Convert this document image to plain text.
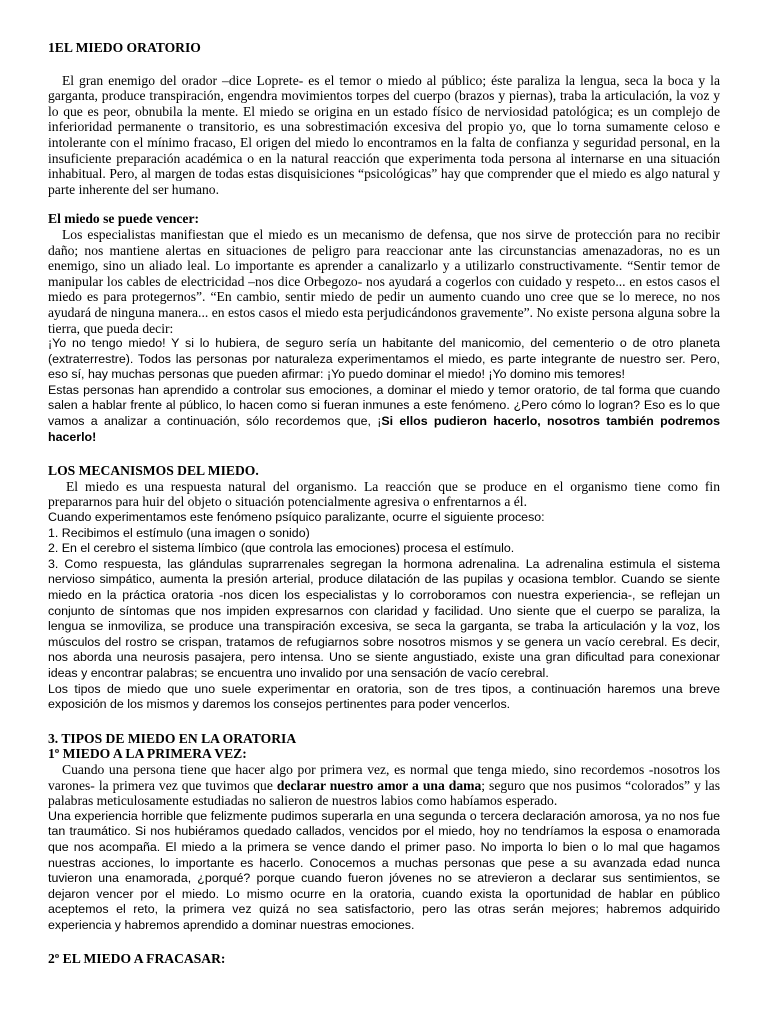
1EL MIEDO ORATORIO

El gran enemigo del orador –dice Loprete- es el temor o miedo al público; éste paraliza la lengua, seca la boca y la garganta, produce transpiración, engendra movimientos torpes del cuerpo (brazos y piernas), traba la articulación, la voz y lo que es peor, obnubila la mente. El miedo se origina en un estado físico de nerviosidad patológica; es un complejo de inferioridad permanente o transitorio, es una sobrestimación excesiva del propio yo, que lo torna sumamente celoso e intolerante con el mínimo fracaso, El origen del miedo lo encontramos en la falta de confianza y seguridad personal, en la insuficiente preparación académica o en la natural reacción que experimenta toda persona al internarse en una situación inhabitual. Pero, al margen de todas estas disquisiciones “psicológicas” hay que comprender que el miedo es algo natural y parte inherente del ser humano.

El miedo se puede vencer:

Los especialistas manifiestan que el miedo es un mecanismo de defensa, que nos sirve de protección para no recibir daño; nos mantiene alertas en situaciones de peligro para reaccionar ante las circunstancias amenazadoras, no es un enemigo, sino un aliado leal. Lo importante es aprender a canalizarlo y a utilizarlo constructivamente. “Sentir temor de manipular los cables de electricidad –nos dice Orbegozo- nos ayudará a cogerlos con cuidado y respeto... en estos casos el miedo es para protegernos”. “En cambio, sentir miedo de pedir un aumento cuando uno cree que se lo merece, no nos ayudará de ninguna manera... en estos casos el miedo esta perjudicándonos gravemente”. No existe persona alguna sobre la tierra, que pueda decir:

¡Yo no tengo miedo! Y si lo hubiera, de seguro sería un habitante del manicomio, del cementerio o de otro planeta (extraterrestre). Todos las personas por naturaleza experimentamos el miedo, es parte integrante de nuestro ser. Pero, eso sí, hay muchas personas que pueden afirmar: ¡Yo puedo dominar el miedo! ¡Yo domino mis temores!

Estas personas han aprendido a controlar sus emociones, a dominar el miedo y temor oratorio, de tal forma que cuando salen a hablar frente al público, lo hacen como si fueran inmunes a este fenómeno. ¿Pero cómo lo logran? Eso es lo que vamos a analizar a continuación, sólo recordemos que, ¡Si ellos pudieron hacerlo, nosotros también podremos hacerlo!

LOS MECANISMOS DEL MIEDO.

El miedo es una respuesta natural del organismo. La reacción que se produce en el organismo tiene como fin prepararnos para huir del objeto o situación potencialmente agresiva o enfrentarnos a él.

Cuando experimentamos este fenómeno psíquico paralizante, ocurre el siguiente proceso:

1. Recibimos el estímulo (una imagen o sonido)

2. En el cerebro el sistema límbico (que controla las emociones) procesa el estímulo.

3. Como respuesta, las glándulas suprarrenales segregan la hormona adrenalina. La adrenalina estimula el sistema nervioso simpático, aumenta la presión arterial, produce dilatación de las pupilas y ocasiona temblor. Cuando se siente miedo en la práctica oratoria -nos dicen los especialistas y lo corroboramos con nuestra experiencia-, se reflejan un conjunto de síntomas que nos impiden expresarnos con claridad y facilidad. Uno siente que el cuerpo se paraliza, la lengua se inmoviliza, se produce una transpiración excesiva, se seca la garganta, se traba la articulación y la voz, los músculos del rostro se crispan, tratamos de refugiarnos sobre nosotros mismos y se genera un vacío cerebral. Es decir, nos aborda una neurosis pasajera, pero intensa. Uno se siente angustiado, existe una gran dificultad para conexionar ideas y encontrar palabras; se encuentra uno invalido por una sensación de vacío cerebral.

Los tipos de miedo que uno suele experimentar en oratoria, son de tres tipos, a continuación haremos una breve exposición de los mismos y daremos los consejos pertinentes para poder vencerlos.

3. TIPOS DE MIEDO EN LA ORATORIA

1º MIEDO A LA PRIMERA VEZ:

Cuando una persona tiene que hacer algo por primera vez, es normal que tenga miedo, sino recordemos -nosotros los varones- la primera vez que tuvimos que declarar nuestro amor a una dama; seguro que nos pusimos “colorados” y las palabras meticulosamente estudiadas no salieron de nuestros labios como habíamos esperado.

Una experiencia horrible que felizmente pudimos superarla en una segunda o tercera declaración amorosa, ya no nos fue tan traumático. Si nos hubiéramos quedado callados, vencidos por el miedo, hoy no tendríamos la esposa o enamorada que nos acompaña. El miedo a la primera se vence dando el primer paso. No importa lo bien o lo mal que hagamos nuestras acciones, lo importante es hacerlo. Conocemos a muchas personas que pese a su avanzada edad nunca tuvieron una enamorada, ¿porqué? porque cuando fueron jóvenes no se atrevieron a declarar sus sentimientos, se dejaron vencer por el miedo. Lo mismo ocurre en la oratoria, cuando exista la oportunidad de hablar en público aceptemos el reto, la primera vez quizá no sea satisfactorio, pero las otras serán mejores; habremos adquirido experiencia y habremos aprendido a dominar nuestras emociones.

2º EL MIEDO A FRACASAR:
